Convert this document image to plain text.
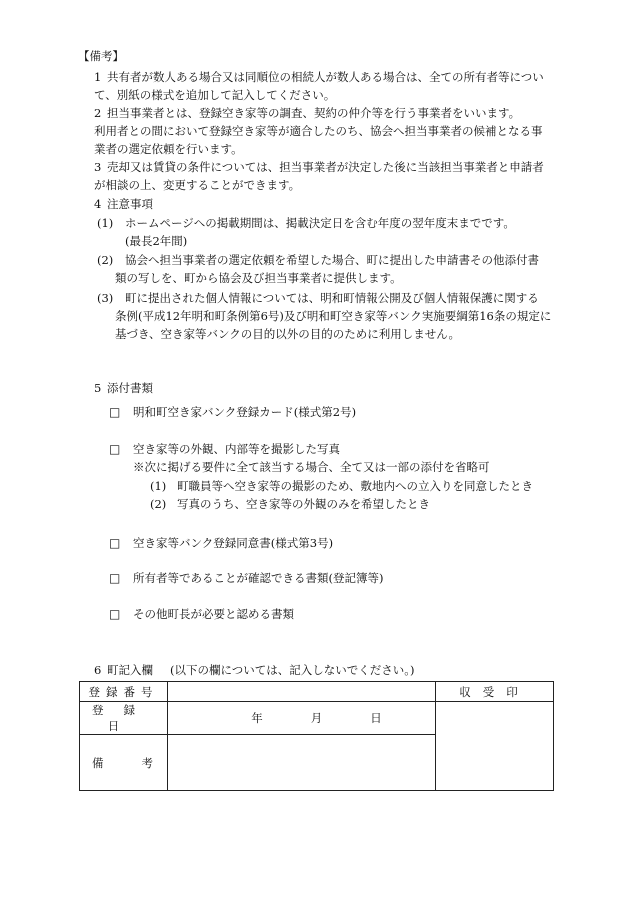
【備考】
1 共有者が数人ある場合又は同順位の相続人が数人ある場合は、全ての所有者等につい
て、別紙の様式を追加して記入してください。
2 担当事業者とは、登録空き家等の調査、契約の仲介等を行う事業者をいいます。
利用者との間において登録空き家等が適合したのち、協会へ担当事業者の候補となる事
業者の選定依頼を行います。
3 売却又は賃貸の条件については、担当事業者が決定した後に当該担当事業者と申請者
が相談の上、変更することができます。
4 注意事項
(1) ホームページへの掲載期間は、掲載決定日を含む年度の翌年度末までです。
(最長2年間)
(2) 協会へ担当事業者の選定依頼を希望した場合、町に提出した申請書その他添付書
類の写しを、町から協会及び担当事業者に提供します。
(3) 町に提出された個人情報については、明和町情報公開及び個人情報保護に関する
条例(平成12年明和町条例第6号)及び明和町空き家等バンク実施要綱第16条の規定に
基づき、空き家等バンクの目的以外の目的のために利用しません。
5 添付書類
□ 明和町空き家バンク登録カード(様式第2号)
□ 空き家等の外観、内部等を撮影した写真
※次に掲げる要件に全て該当する場合、全て又は一部の添付を省略可
(1) 町職員等へ空き家等の撮影のため、敷地内への立入りを同意したとき
(2) 写真のうち、空き家等の外観のみを希望したとき
□ 空き家等バンク登録同意書(様式第3号)
□ 所有者等であることが確認できる書類(登記簿等)
□ その他町長が必要と認める書類
6 町記入欄 (以下の欄については、記入しないでください。)
登録番号		収受印
登録日	年 月 日	

備 考		
